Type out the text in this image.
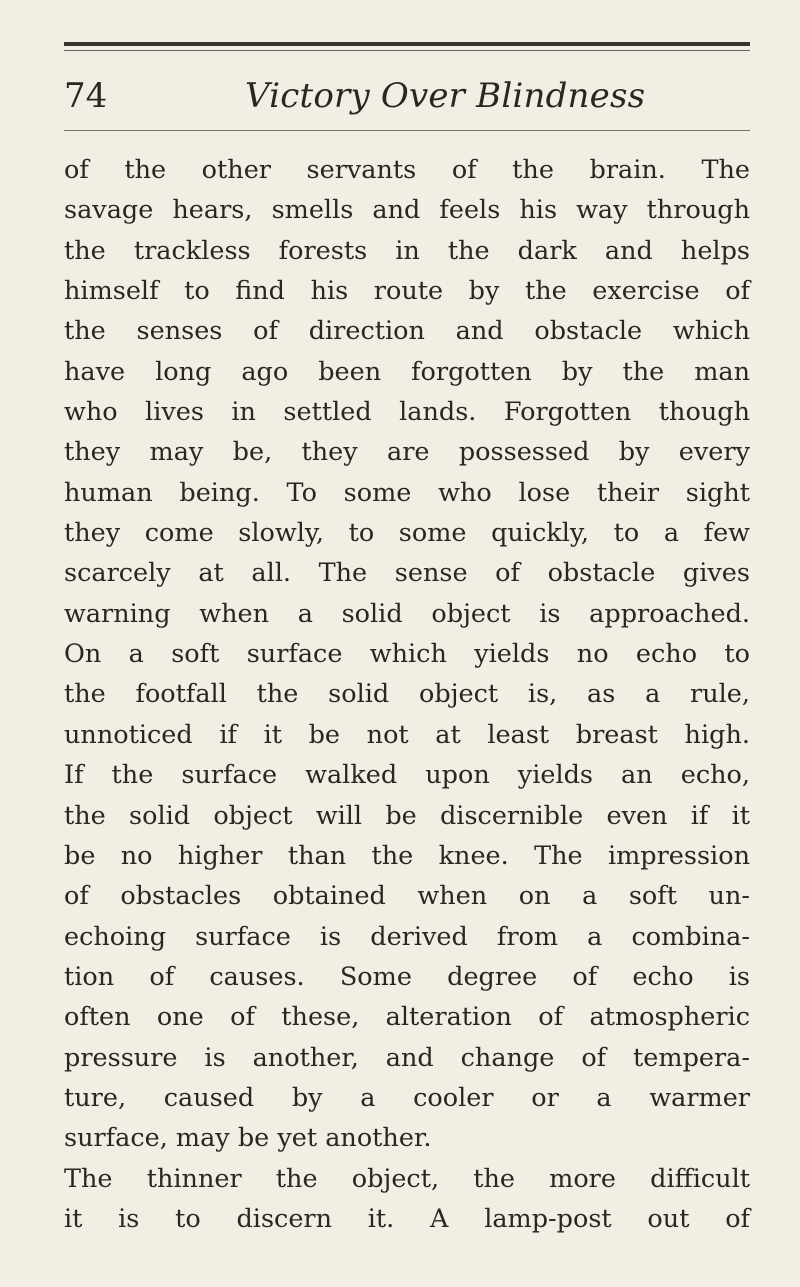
74	Victory Over Blindness
of the other servants of the brain. The
savage hears, smells and feels his way through
the trackless forests in the dark and helps
himself to find his route by the exercise of
the senses of direction and obstacle which
have long ago been forgotten by the man
who lives in settled lands. Forgotten though
they may be, they are possessed by every
human being. To some who lose their sight
they come slowly, to some quickly, to a few
scarcely at all. The sense of obstacle gives
warning when a solid object is approached.
On a soft surface which yields no echo to
the footfall the solid object is, as a rule,
unnoticed if it be not at least breast high.
If the surface walked upon yields an echo,
the solid object will be discernible even if it
be no higher than the knee. The impression
of obstacles obtained when on a soft un-
echoing surface is derived from a combina-
tion of causes. Some degree of echo is
often one of these, alteration of atmospheric
pressure is another, and change of tempera-
ture, caused by a cooler or a warmer
surface, may be yet another.
The thinner the object, the more difficult
it is to discern it. A lamp-post out of
